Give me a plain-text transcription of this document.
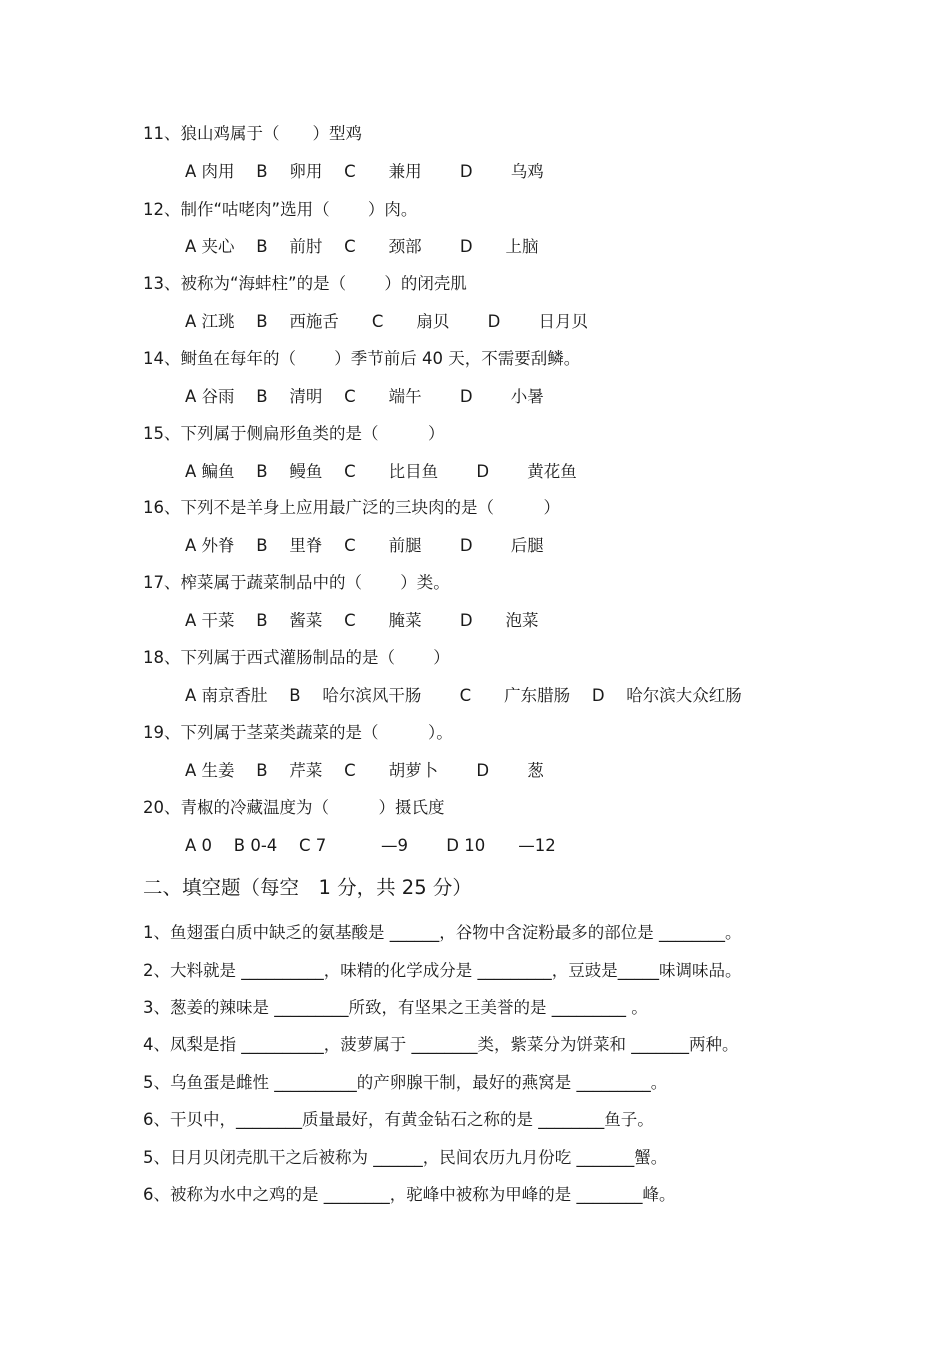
11、狼山鸡属于（　　）型鸡
A 肉用　 B　 卵用　 C　　兼用　　 D　　 乌鸡
12、制作“咕咾肉”选用（　　 ）肉。
A 夹心　 B　 前肘　 C　　颈部　　 D　　上脑
13、被称为“海蚌柱”的是（　　 ）的闭壳肌
A 江珧　 B　 西施舌　　C　　扇贝　　 D　　 日月贝
14、鲥鱼在每年的（　　 ）季节前后 40 天，不需要刮鳞。
A 谷雨　 B　 清明　 C　　端午　　 D　　 小暑
15、下列属于侧扁形鱼类的是（　　　）
A 鳊鱼　 B　 鳗鱼　 C　　比目鱼　　 D　　 黄花鱼
16、下列不是羊身上应用最广泛的三块肉的是（　　　）
A 外脊　 B　 里脊　 C　　前腿　　 D　　 后腿
17、榨菜属于蔬菜制品中的（　　 ）类。
A 干菜　 B　 酱菜　 C　　腌菜　　 D　　泡菜
18、下列属于西式灌肠制品的是（　　 ）
A 南京香肚　 B　 哈尔滨风干肠　　 C　　广东腊肠　 D　 哈尔滨大众红肠
19、下列属于茎菜类蔬菜的是（　　　）。
A 生姜　 B　 芹菜　 C　　胡萝卜　　 D　　 葱
20、青椒的冷藏温度为（　　　）摄氏度
A 0　 B 0-4　 C 7　　　 —9　　 D 10　　—12
二、填空题（每空　1 分，共 25 分）
1、鱼翅蛋白质中缺乏的氨基酸是 ______，谷物中含淀粉最多的部位是 ________。
2、大料就是 __________，味精的化学成分是 _________，豆豉是_____味调味品。
3、葱姜的辣味是 _________所致，有坚果之王美誉的是 _________ 。
4、凤梨是指 __________，菠萝属于 ________类，紫菜分为饼菜和 _______两种。
5、乌鱼蛋是雌性 __________的产卵腺干制，最好的燕窝是 _________。
6、干贝中，________质量最好，有黄金钻石之称的是 ________鱼子。
5、日月贝闭壳肌干之后被称为 ______，民间农历九月份吃 _______蟹。
6、被称为水中之鸡的是 ________，驼峰中被称为甲峰的是 ________峰。
